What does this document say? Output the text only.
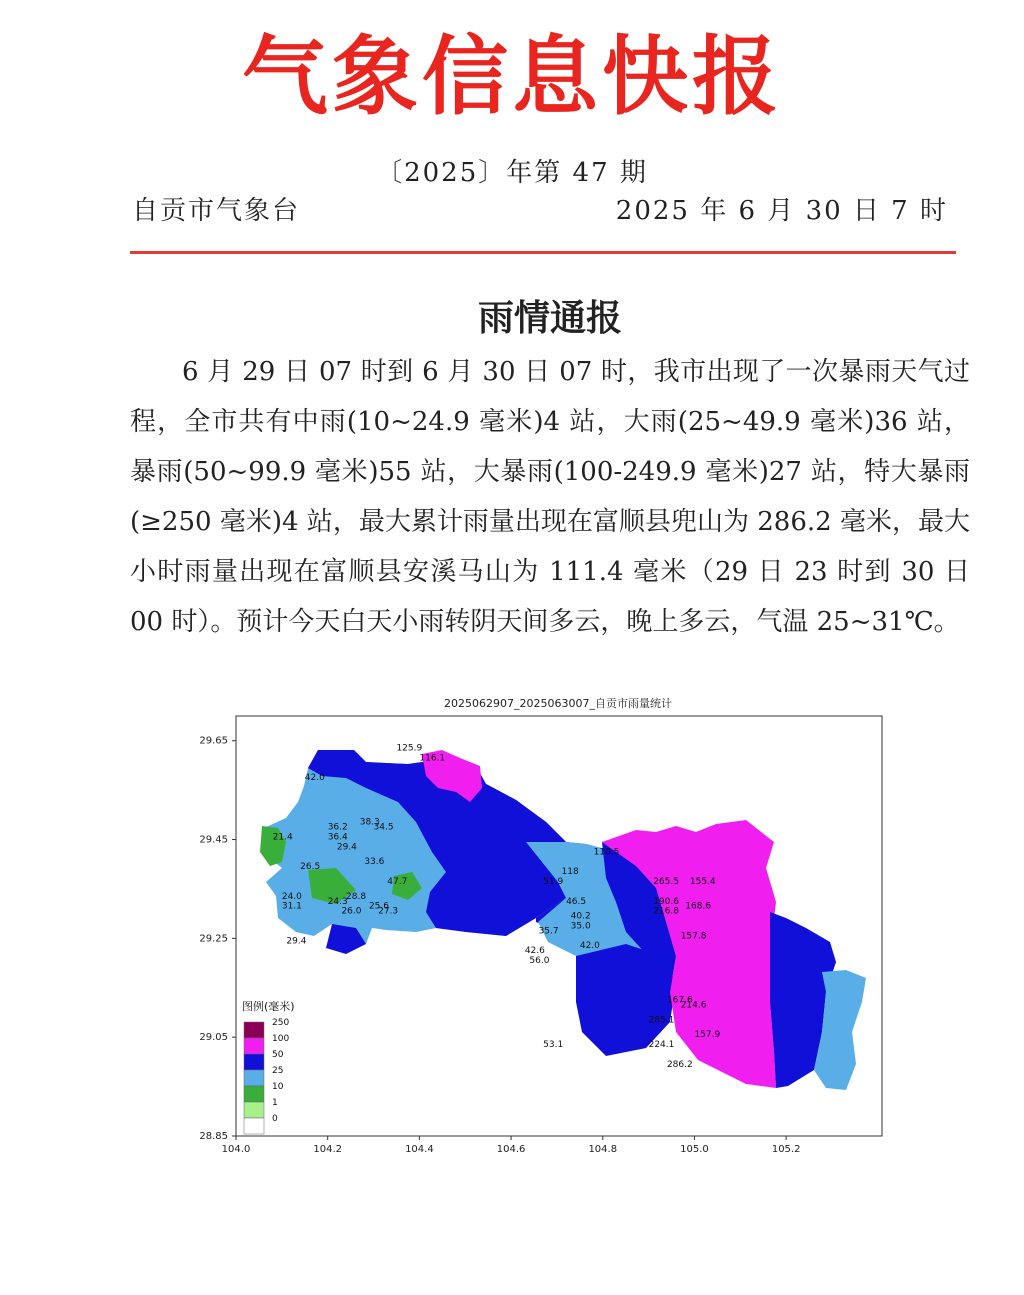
气象信息快报
〔2025〕年第 47 期
自贡市气象台	2025 年 6 月 30 日 7 时
雨情通报
6 月 29 日 07 时到 6 月 30 日 07 时，我市出现了一次暴雨天气过程，全市共有中雨(10~24.9 毫米)4 站，大雨(25~49.9 毫米)36 站，暴雨(50~99.9 毫米)55 站，大暴雨(100-249.9 毫米)27 站，特大暴雨(≥250 毫米)4 站，最大累计雨量出现在富顺县兜山为 286.2 毫米，最大小时雨量出现在富顺县安溪马山为 111.4 毫米（29 日 23 时到 30 日 00 时）。预计今天白天小雨转阴天间多云，晚上多云，气温 25~31℃。
2025062907_2025063007_自贡市雨量统计
29.65
29.45
29.25
29.05
28.85
104.0	104.2	104.4	104.6	104.8	105.0	105.2
125.9
116.1
42.0
36.2 38.3
34.5
36.4
29.4
21.4
26.5	33.6
47.7
28.8
24.3
24.0
31.1	25.6
26.0 27.3
29.4
51.9
118
46.5
40.2
35.0
35.7
42.6
56.0
42.0
110.5
265.5 155.4
190.6 168.6
216.8
157.8
167.6
214.6
285.1
157.9
224.1
286.2
53.1
图例(毫米)
250
100
50
25
10
1
0
